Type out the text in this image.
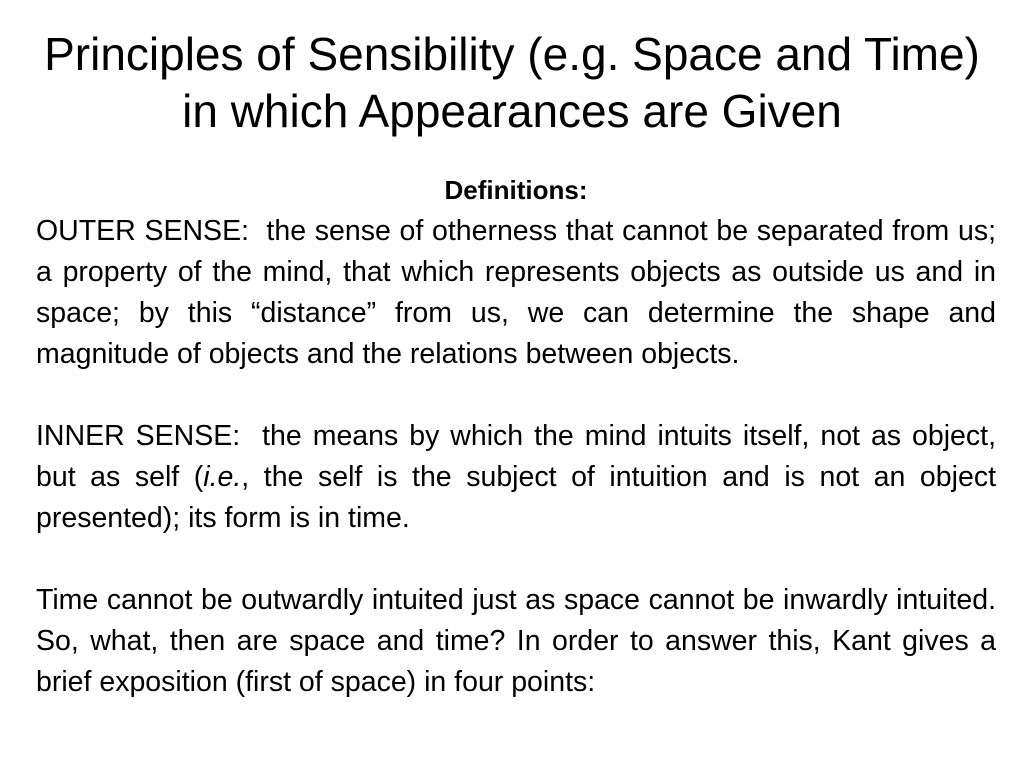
Principles of Sensibility (e.g. Space and Time) in which Appearances are Given

Definitions:

OUTER SENSE: the sense of otherness that cannot be separated from us; a property of the mind, that which represents objects as outside us and in space; by this “distance” from us, we can determine the shape and magnitude of objects and the relations between objects.

INNER SENSE: the means by which the mind intuits itself, not as object, but as self (i.e., the self is the subject of intuition and is not an object presented); its form is in time.

Time cannot be outwardly intuited just as space cannot be inwardly intuited. So, what, then are space and time? In order to answer this, Kant gives a brief exposition (first of space) in four points:
